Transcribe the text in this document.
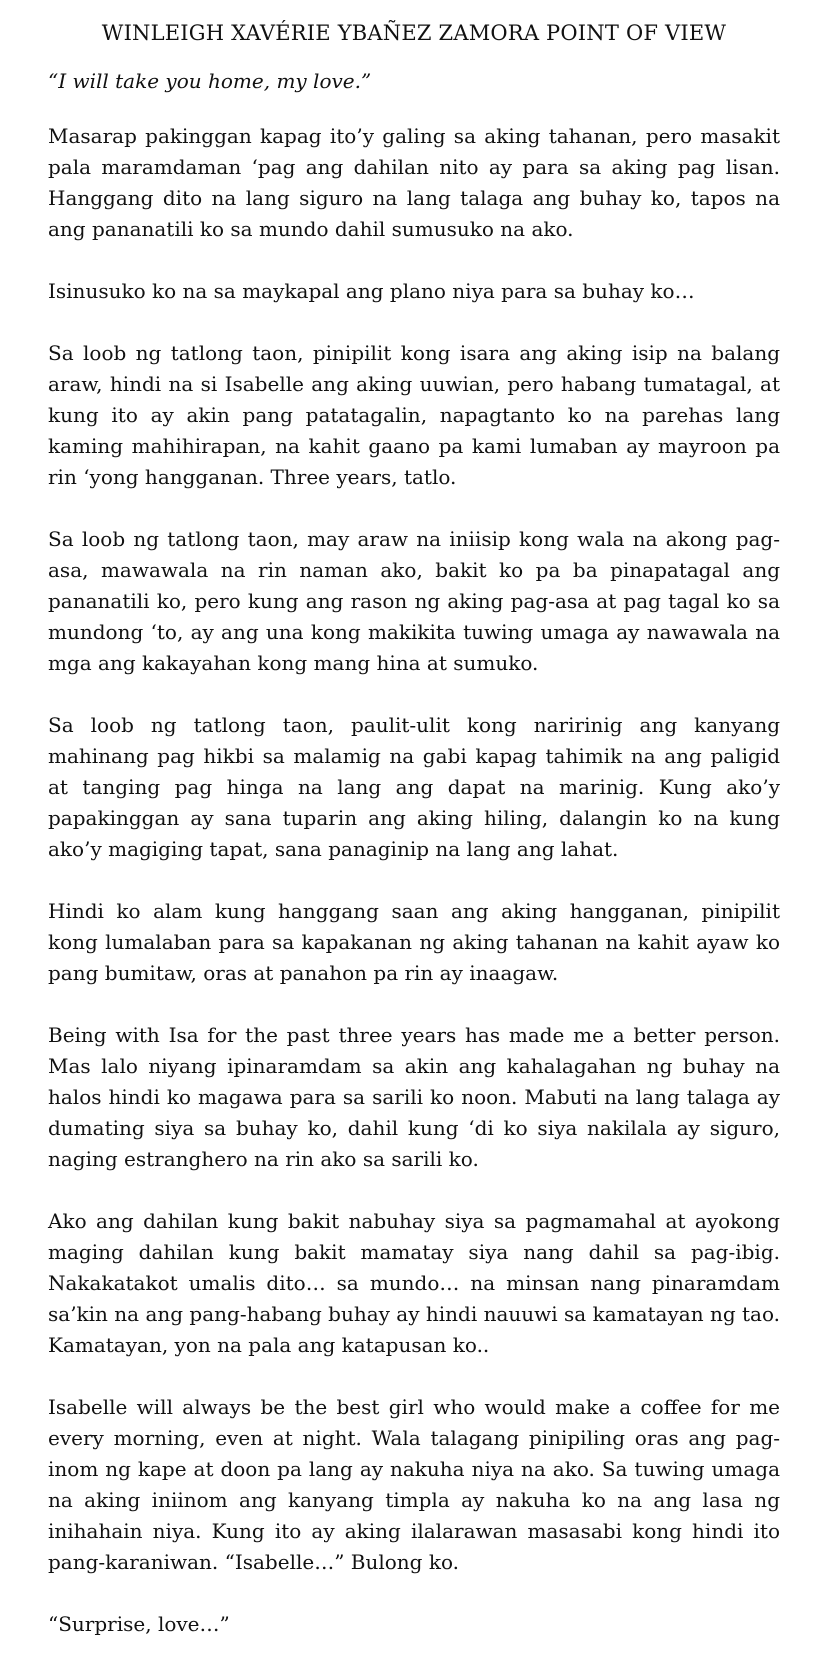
WINLEIGH XAVÉRIE YBAÑEZ ZAMORA POINT OF VIEW

“I will take you home, my love.”

Masarap pakinggan kapag ito’y galing sa aking tahanan, pero masakit pala maramdaman ‘pag ang dahilan nito ay para sa aking pag lisan. Hanggang dito na lang siguro na lang talaga ang buhay ko, tapos na ang pananatili ko sa mundo dahil sumusuko na ako.

Isinusuko ko na sa maykapal ang plano niya para sa buhay ko…

Sa loob ng tatlong taon, pinipilit kong isara ang aking isip na balang araw, hindi na si Isabelle ang aking uuwian, pero habang tumatagal, at kung ito ay akin pang patatagalin, napagtanto ko na parehas lang kaming mahihirapan, na kahit gaano pa kami lumaban ay mayroon pa rin ‘yong hangganan. Three years, tatlo.

Sa loob ng tatlong taon, may araw na iniisip kong wala na akong pag-asa, mawawala na rin naman ako, bakit ko pa ba pinapatagal ang pananatili ko, pero kung ang rason ng aking pag-asa at pag tagal ko sa mundong ‘to, ay ang una kong makikita tuwing umaga ay nawawala na mga ang kakayahan kong mang hina at sumuko.

Sa loob ng tatlong taon, paulit-ulit kong naririnig ang kanyang mahinang pag hikbi sa malamig na gabi kapag tahimik na ang paligid at tanging pag hinga na lang ang dapat na marinig. Kung ako’y papakinggan ay sana tuparin ang aking hiling, dalangin ko na kung ako’y magiging tapat, sana panaginip na lang ang lahat.

Hindi ko alam kung hanggang saan ang aking hangganan, pinipilit kong lumalaban para sa kapakanan ng aking tahanan na kahit ayaw ko pang bumitaw, oras at panahon pa rin ay inaagaw.

Being with Isa for the past three years has made me a better person. Mas lalo niyang ipinaramdam sa akin ang kahalagahan ng buhay na halos hindi ko magawa para sa sarili ko noon. Mabuti na lang talaga ay dumating siya sa buhay ko, dahil kung ‘di ko siya nakilala ay siguro, naging estranghero na rin ako sa sarili ko.

Ako ang dahilan kung bakit nabuhay siya sa pagmamahal at ayokong maging dahilan kung bakit mamatay siya nang dahil sa pag-ibig. Nakakatakot umalis dito… sa mundo… na minsan nang pinaramdam sa’kin na ang pang-habang buhay ay hindi nauuwi sa kamatayan ng tao. Kamatayan, yon na pala ang katapusan ko..

Isabelle will always be the best girl who would make a coffee for me every morning, even at night. Wala talagang pinipiling oras ang pag-inom ng kape at doon pa lang ay nakuha niya na ako. Sa tuwing umaga na aking iniinom ang kanyang timpla ay nakuha ko na ang lasa ng inihahain niya. Kung ito ay aking ilalarawan masasabi kong hindi ito pang-karaniwan. “Isabelle…” Bulong ko.

“Surprise, love…”
